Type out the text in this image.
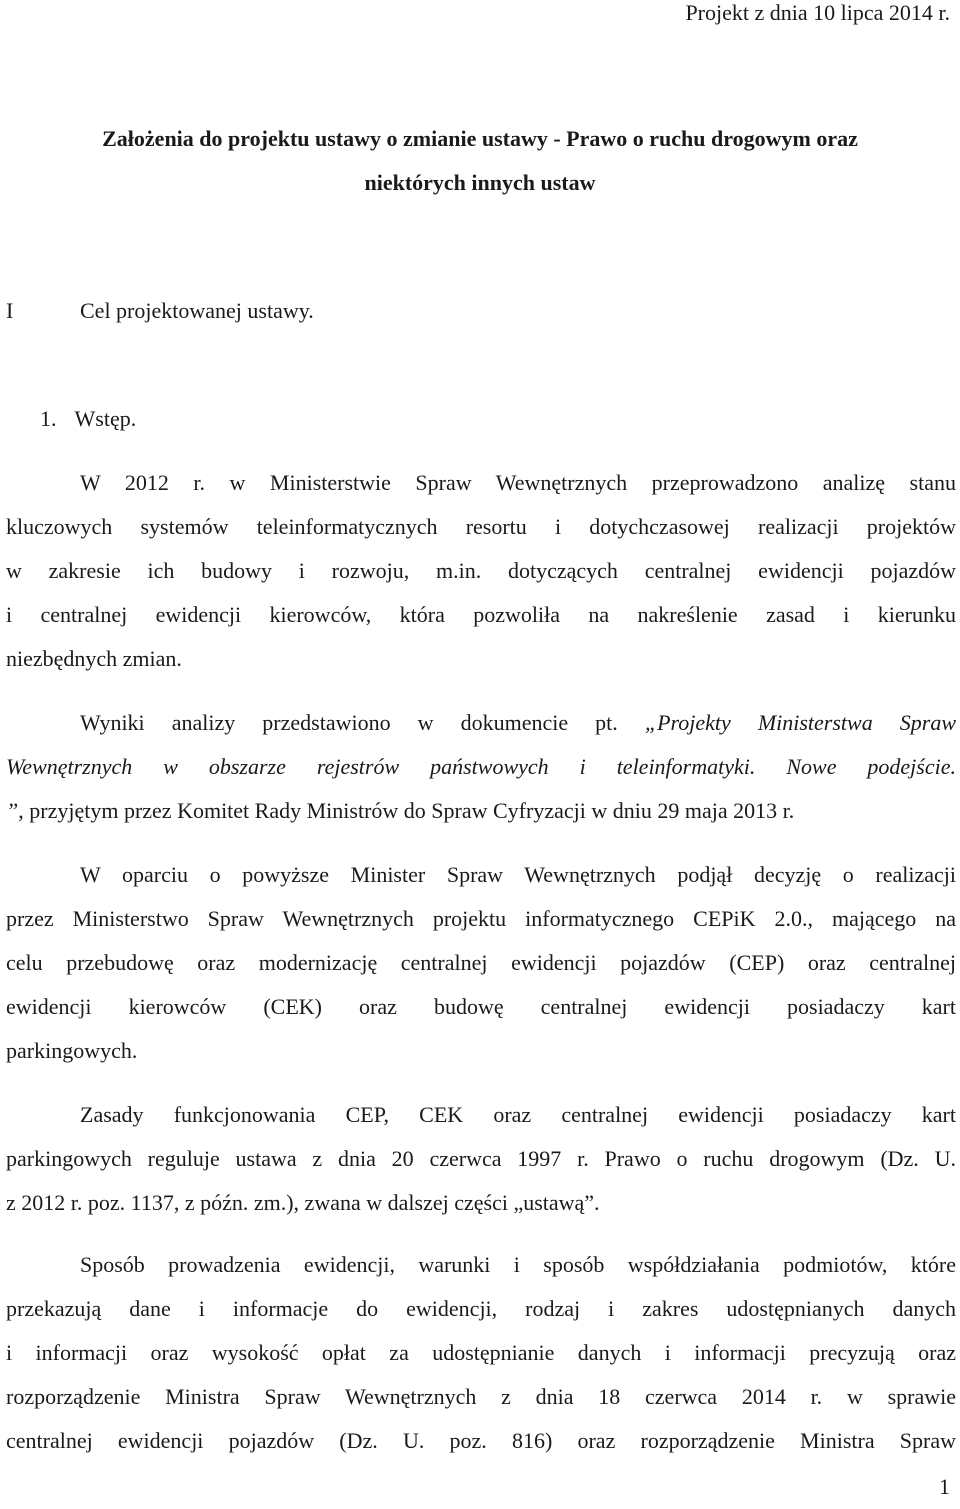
Projekt z dnia 10 lipca 2014 r.
Założenia do projektu ustawy o zmianie ustawy - Prawo o ruchu drogowym oraz
niektórych innych ustaw
I	Cel projektowanej ustawy.
1. Wstęp.
W 2012 r. w Ministerstwie Spraw Wewnętrznych przeprowadzono analizę stanu
kluczowych systemów teleinformatycznych resortu i dotychczasowej realizacji projektów
w zakresie ich budowy i rozwoju, m.in. dotyczących centralnej ewidencji pojazdów
i centralnej ewidencji kierowców, która pozwoliła na nakreślenie zasad i kierunku
niezbędnych zmian.
Wyniki analizy przedstawiono w dokumencie pt. „Projekty Ministerstwa Spraw
Wewnętrznych w obszarze rejestrów państwowych i teleinformatyki. Nowe podejście.
”, przyjętym przez Komitet Rady Ministrów do Spraw Cyfryzacji w dniu 29 maja 2013 r.
W oparciu o powyższe Minister Spraw Wewnętrznych podjął decyzję o realizacji
przez Ministerstwo Spraw Wewnętrznych projektu informatycznego CEPiK 2.0., mającego na
celu przebudowę oraz modernizację centralnej ewidencji pojazdów (CEP) oraz centralnej
ewidencji kierowców (CEK) oraz budowę centralnej ewidencji posiadaczy kart
parkingowych.
Zasady funkcjonowania CEP, CEK oraz centralnej ewidencji posiadaczy kart
parkingowych reguluje ustawa z dnia 20 czerwca 1997 r. Prawo o ruchu drogowym (Dz. U.
z 2012 r. poz. 1137, z późn. zm.), zwana w dalszej części „ustawą”.
Sposób prowadzenia ewidencji, warunki i sposób współdziałania podmiotów, które
przekazują dane i informacje do ewidencji, rodzaj i zakres udostępnianych danych
i informacji oraz wysokość opłat za udostępnianie danych i informacji precyzują oraz
rozporządzenie Ministra Spraw Wewnętrznych z dnia 18 czerwca 2014 r. w sprawie
centralnej ewidencji pojazdów (Dz. U. poz. 816) oraz rozporządzenie Ministra Spraw
1
